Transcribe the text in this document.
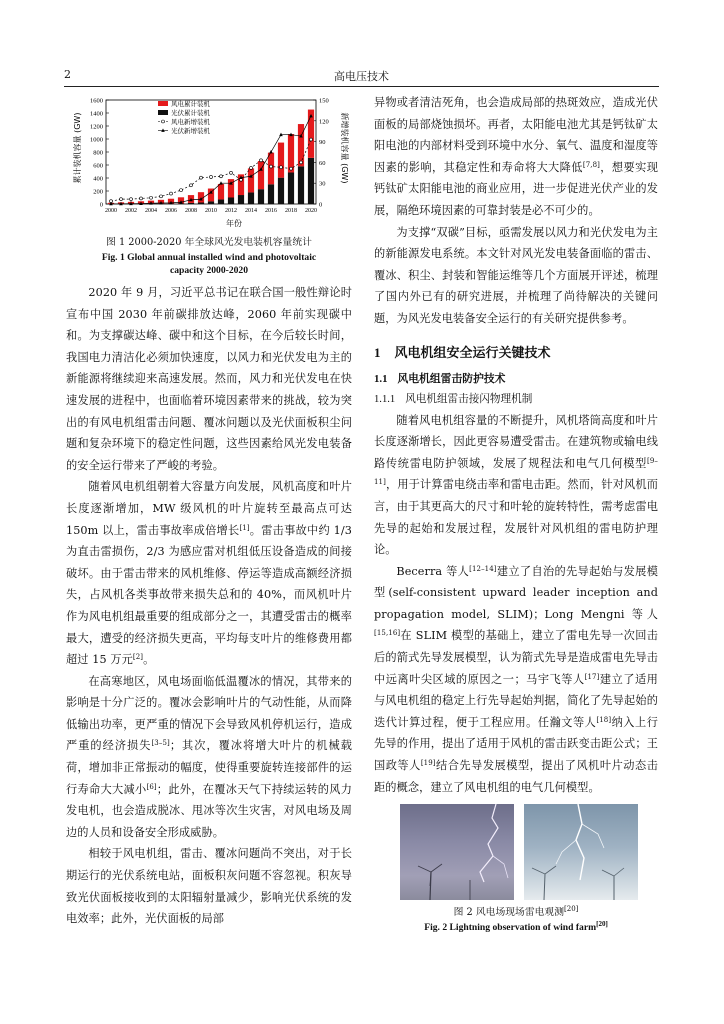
2	高电压技术
0
200
400
600
800
1000
1200
1400
1600
0
30
60
90
120
150
2000 2002 2004 2006 2008 2010 2012 2014 2016 2018 2020
风电累计装机
光伏累计装机
风电新增装机
光伏新增装机
累计装机容量 (GW)	新增装机容量 (GW)
年份
图 1 2000-2020 年全球风光发电装机容量统计
Fig. 1 Global annual installed wind and photovoltaic capacity 2000-2020

2020 年 9 月，习近平总书记在联合国一般性辩论时宣布中国 2030 年前碳排放达峰，2060 年前实现碳中和。为支撑碳达峰、碳中和这个目标，在今后较长时间，我国电力清洁化必须加快速度，以风力和光伏发电为主的新能源将继续迎来高速发展。然而，风力和光伏发电在快速发展的进程中，也面临着环境因素带来的挑战，较为突出的有风电机组雷击问题、覆冰问题以及光伏面板积尘问题和复杂环境下的稳定性问题，这些因素给风光发电装备的安全运行带来了严峻的考验。

随着风电机组朝着大容量方向发展，风机高度和叶片长度逐渐增加，MW 级风机的叶片旋转至最高点可达 150m 以上，雷击事故率成倍增长[1]。雷击事故中约 1/3 为直击雷损伤，2/3 为感应雷对机组低压设备造成的间接破坏。由于雷击带来的风机维修、停运等造成高额经济损失，占风机各类事故带来损失总和的 40%，而风机叶片作为风电机组最重要的组成部分之一，其遭受雷击的概率最大，遭受的经济损失更高，平均每支叶片的维修费用都超过 15 万元[2]。

在高寒地区，风电场面临低温覆冰的情况，其带来的影响是十分广泛的。覆冰会影响叶片的气动性能，从而降低输出功率，更严重的情况下会导致风机停机运行，造成严重的经济损失[3–5]；其次，覆冰将增大叶片的机械载荷，增加非正常振动的幅度，使得重要旋转连接部件的运行寿命大大减小[6]；此外，在覆冰天气下持续运转的风力发电机，也会造成脱冰、甩冰等次生灾害，对风电场及周边的人员和设备安全形成威胁。

相较于风电机组，雷击、覆冰问题尚不突出，对于长期运行的光伏系统电站，面板积灰问题不容忽视。积灰导致光伏面板接收到的太阳辐射量减少，影响光伏系统的发电效率；此外，光伏面板的局部

异物或者清洁死角，也会造成局部的热斑效应，造成光伏面板的局部烧蚀损坏。再者，太阳能电池尤其是钙钛矿太阳电池的内部材料受到环境中水分、氧气、温度和湿度等因素的影响，其稳定性和寿命将大大降低[7,8]，想要实现钙钛矿太阳能电池的商业应用，进一步促进光伏产业的发展，隔绝环境因素的可靠封装是必不可少的。

为支撑“双碳”目标，亟需发展以风力和光伏发电为主的新能源发电系统。本文针对风光发电装备面临的雷击、覆冰、积尘、封装和智能运维等几个方面展开评述，梳理了国内外已有的研究进展，并梳理了尚待解决的关键问题，为风光发电装备安全运行的有关研究提供参考。

1 风电机组安全运行关键技术
1.1 风电机组雷击防护技术
1.1.1 风电机组雷击接闪物理机制

随着风电机组容量的不断提升，风机塔筒高度和叶片长度逐渐增长，因此更容易遭受雷击。在建筑物或输电线路传统雷电防护领域，发展了规程法和电气几何模型[9–11]，用于计算雷电绕击率和雷电击距。然而，针对风机而言，由于其更高大的尺寸和叶轮的旋转特性，需考虑雷电先导的起始和发展过程，发展针对风机组的雷电防护理论。

Becerra 等人[12–14]建立了自治的先导起始与发展模型(self-consistent upward leader inception and propagation model, SLIM)；Long Mengni 等人[15,16]在 SLIM 模型的基础上，建立了雷电先导一次回击后的箭式先导发展模型，认为箭式先导是造成雷电先导击中远离叶尖区域的原因之一；马宇飞等人[17]建立了适用与风电机组的稳定上行先导起始判据，简化了先导起始的迭代计算过程，便于工程应用。任瀚文等人[18]纳入上行先导的作用，提出了适用于风机的雷击跃变击距公式；王国政等人[19]结合先导发展模型，提出了风机叶片动态击距的概念，建立了风电机组的电气几何模型。

图 2 风电场现场雷电观测[20]
Fig. 2 Lightning observation of wind farm[20]
